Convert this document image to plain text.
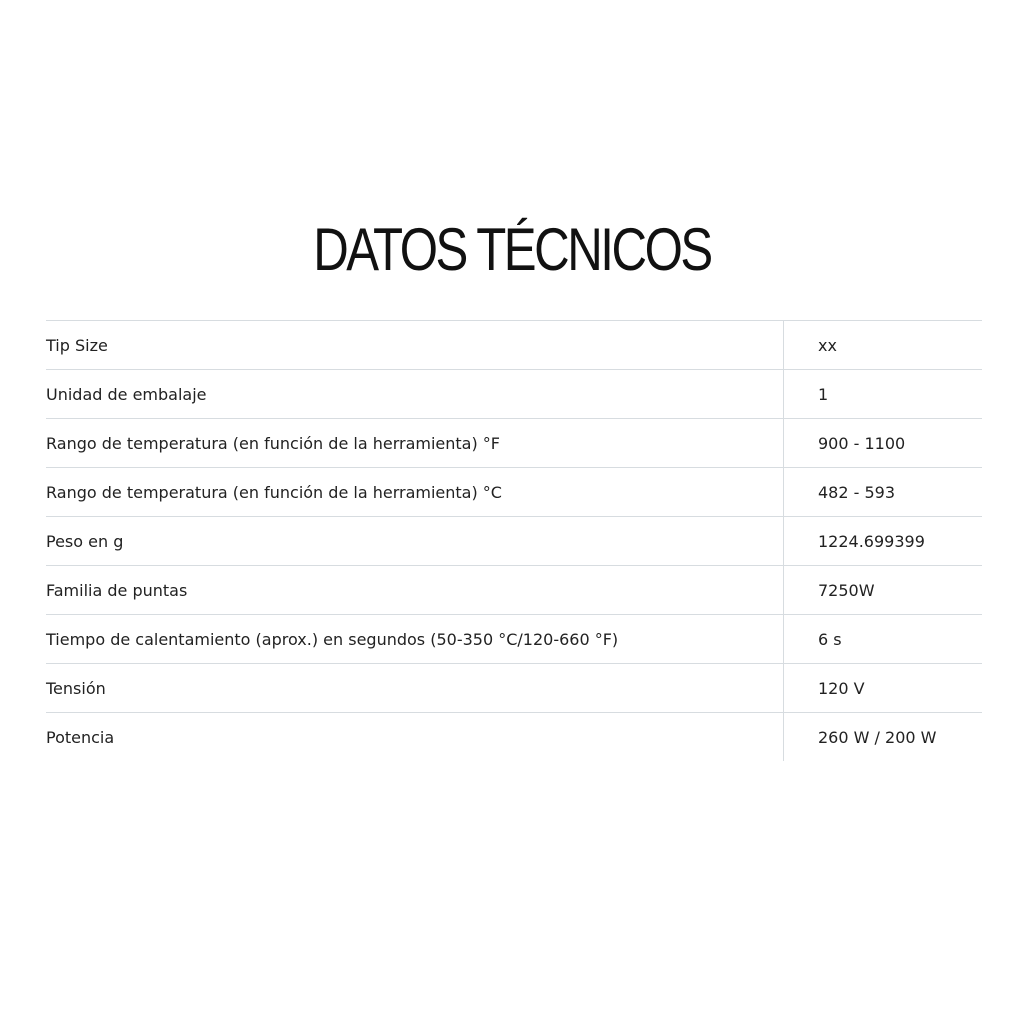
DATOS TÉCNICOS
Tip Size	xx
Unidad de embalaje	1
Rango de temperatura (en función de la herramienta) °F	900 - 1100
Rango de temperatura (en función de la herramienta) °C	482 - 593
Peso en g	1224.699399
Familia de puntas	7250W
Tiempo de calentamiento (aprox.) en segundos (50-350 °C/120-660 °F)	6 s
Tensión	120 V
Potencia	260 W / 200 W
